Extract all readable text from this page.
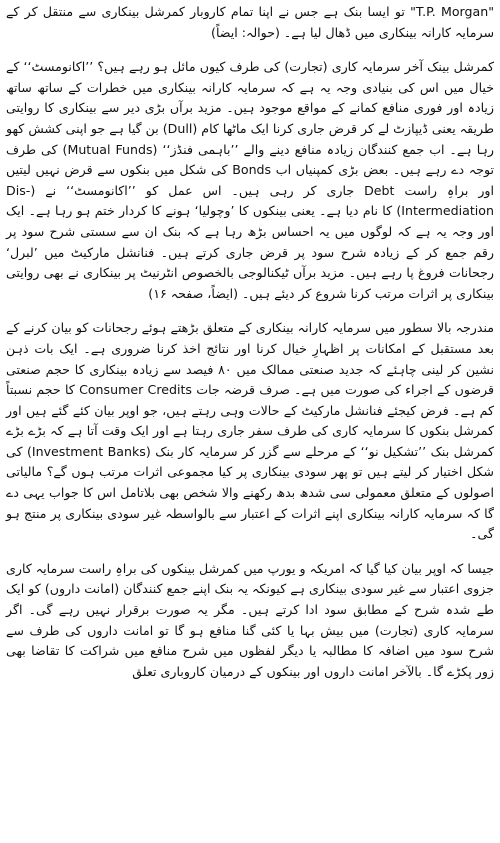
"T.P. Morgan" تو ایسا بنک ہے جس نے اپنا تمام کاروبار کمرشل بینکاری سے منتقل کر کے سرمایہ کارانہ بینکاری میں ڈھال لیا ہے۔ (حوالہ: ایضاً)

کمرشل بینک آخر سرمایہ کاری (تجارت) کی طرف کیوں مائل ہو رہے ہیں؟ ’’اکانومسٹ‘‘ کے خیال میں اس کی بنیادی وجہ یہ ہے کہ سرمایہ کارانہ بینکاری میں خطرات کے ساتھ ساتھ زیادہ اور فوری منافع کمانے کے مواقع موجود ہیں۔ مزید برآں بڑی دیر سے بینکاری کا روایتی طریقہ یعنی ڈیپازٹ لے کر قرض جاری کرنا ایک ماٹھا کام (Dull) بن گیا ہے جو اپنی کشش کھو رہا ہے۔ اب جمع کنندگان زیادہ منافع دینے والے ’’باہمی فنڈز‘‘ (Mutual Funds) کی طرف توجہ دے رہے ہیں۔ بعض بڑی کمپنیاں اب Bonds کی شکل میں بنکوں سے قرض نہیں لیتیں اور براہِ راست Debt جاری کر رہی ہیں۔ اس عمل کو ’’اکانومسٹ‘‘ نے (Dis-Intermediation) کا نام دیا ہے۔ یعنی بینکوں کا ’وچولیا‘ ہونے کا کردار ختم ہو رہا ہے۔ ایک اور وجہ یہ ہے کہ لوگوں میں یہ احساس بڑھ رہا ہے کہ بنک ان سے سستی شرح سود پر رقم جمع کر کے زیادہ شرح سود پر قرض جاری کرتے ہیں۔ فنانشل مارکیٹ میں ’لبرل‘ رجحانات فروغ پا رہے ہیں۔ مزید برآں ٹیکنالوجی بالخصوص انٹرنیٹ پر بینکاری نے بھی روایتی بینکاری پر اثرات مرتب کرنا شروع کر دیئے ہیں۔ (ایضاً، صفحہ ۱۶)

مندرجہ بالا سطور میں سرمایہ کارانہ بینکاری کے متعلق بڑھتے ہوئے رجحانات کو بیان کرنے کے بعد مستقبل کے امکانات پر اظہارِ خیال کرنا اور نتائج اخذ کرنا ضروری ہے۔ ایک بات ذہن نشین کر لینی چاہئے کہ جدید صنعتی ممالک میں ۸۰ فیصد سے زیادہ بینکاری کا حجم صنعتی قرضوں کے اجراء کی صورت میں ہے۔ صرف قرضہ جات Consumer Credits کا حجم نسبتاً کم ہے۔ فرض کیجئے فنانشل مارکیٹ کے حالات وہی رہتے ہیں، جو اوپر بیان کئے گئے ہیں اور کمرشل بنکوں کا سرمایہ کاری کی طرف سفر جاری رہتا ہے اور ایک وقت آتا ہے کہ بڑے بڑے کمرشل بنک ’’تشکیل نو‘‘ کے مرحلے سے گزر کر سرمایہ کار بنک (Investment Banks) کی شکل اختیار کر لیتے ہیں تو پھر سودی بینکاری پر کیا مجموعی اثرات مرتب ہوں گے؟ مالیاتی اصولوں کے متعلق معمولی سی شدھ بدھ رکھنے والا شخص بھی بلاتامل اس کا جواب یہی دے گا کہ سرمایہ کارانہ بینکاری اپنے اثرات کے اعتبار سے بالواسطہ غیر سودی بینکاری پر منتج ہو گی۔

جیسا کہ اوپر بیان کیا گیا کہ امریکہ و یورپ میں کمرشل بینکوں کی براہِ راست سرمایہ کاری جزوی اعتبار سے غیر سودی بینکاری ہے کیونکہ یہ بنک اپنے جمع کنندگان (امانت داروں) کو ایک طے شدہ شرح کے مطابق سود ادا کرتے ہیں۔ مگر یہ صورت برقرار نہیں رہے گی۔ اگر سرمایہ کاری (تجارت) میں بیش بہا یا کئی گنا منافع ہو گا تو امانت داروں کی طرف سے شرح سود میں اضافہ کا مطالبہ یا دیگر لفظوں میں شرح منافع میں شراکت کا تقاضا بھی زور پکڑے گا۔ بالآخر امانت داروں اور بینکوں کے درمیان کاروباری تعلق
